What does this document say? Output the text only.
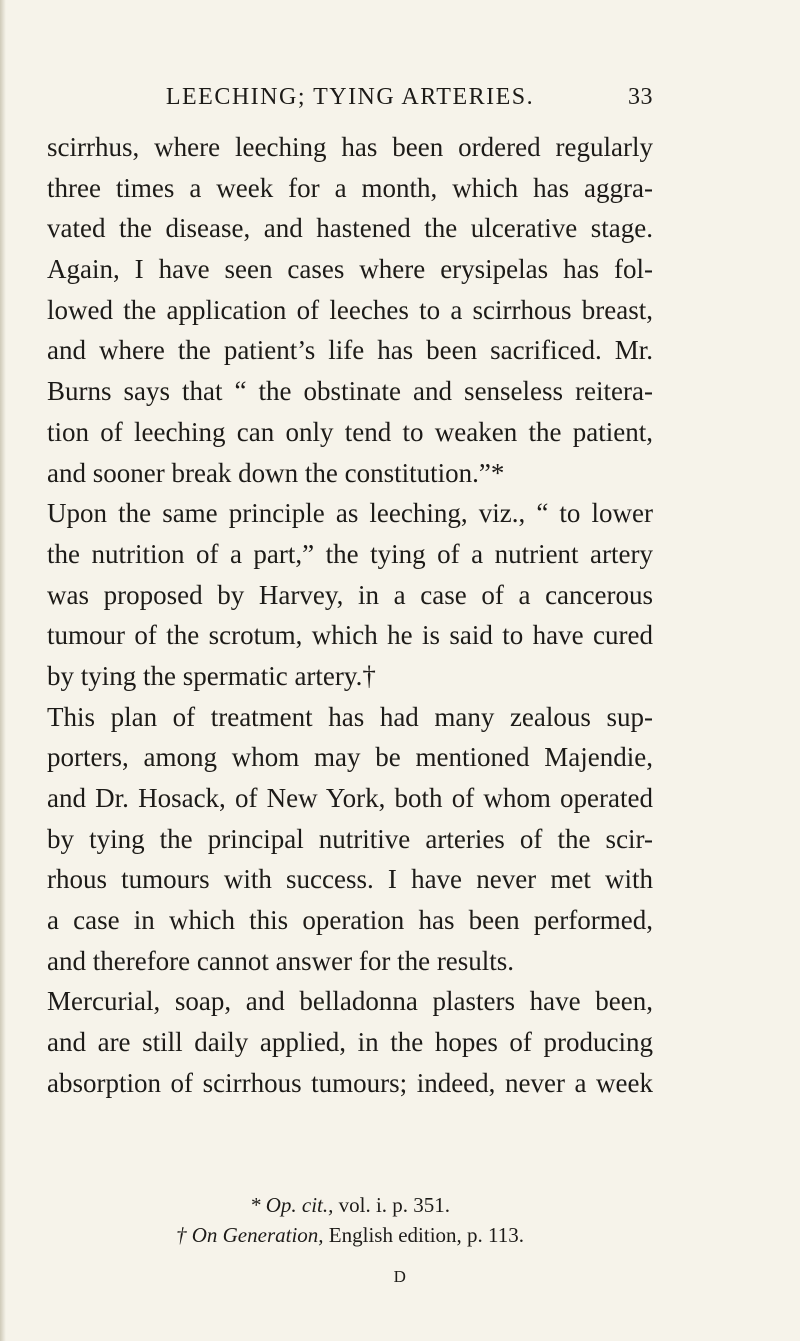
LEECHING; TYING ARTERIES.	33
scirrhus, where leeching has been ordered regularly
three times a week for a month, which has aggra-
vated the disease, and hastened the ulcerative stage.
Again, I have seen cases where erysipelas has fol-
lowed the application of leeches to a scirrhous breast,
and where the patient’s life has been sacrificed. Mr.
Burns says that “ the obstinate and senseless reitera-
tion of leeching can only tend to weaken the patient,
and sooner break down the constitution.”*
Upon the same principle as leeching, viz., “ to lower
the nutrition of a part,” the tying of a nutrient artery
was proposed by Harvey, in a case of a cancerous
tumour of the scrotum, which he is said to have cured
by tying the spermatic artery.†
This plan of treatment has had many zealous sup-
porters, among whom may be mentioned Majendie,
and Dr. Hosack, of New York, both of whom operated
by tying the principal nutritive arteries of the scir-
rhous tumours with success. I have never met with
a case in which this operation has been performed,
and therefore cannot answer for the results.
Mercurial, soap, and belladonna plasters have been,
and are still daily applied, in the hopes of producing
absorption of scirrhous tumours; indeed, never a week
* Op. cit., vol. i. p. 351.
† On Generation, English edition, p. 113.
D
